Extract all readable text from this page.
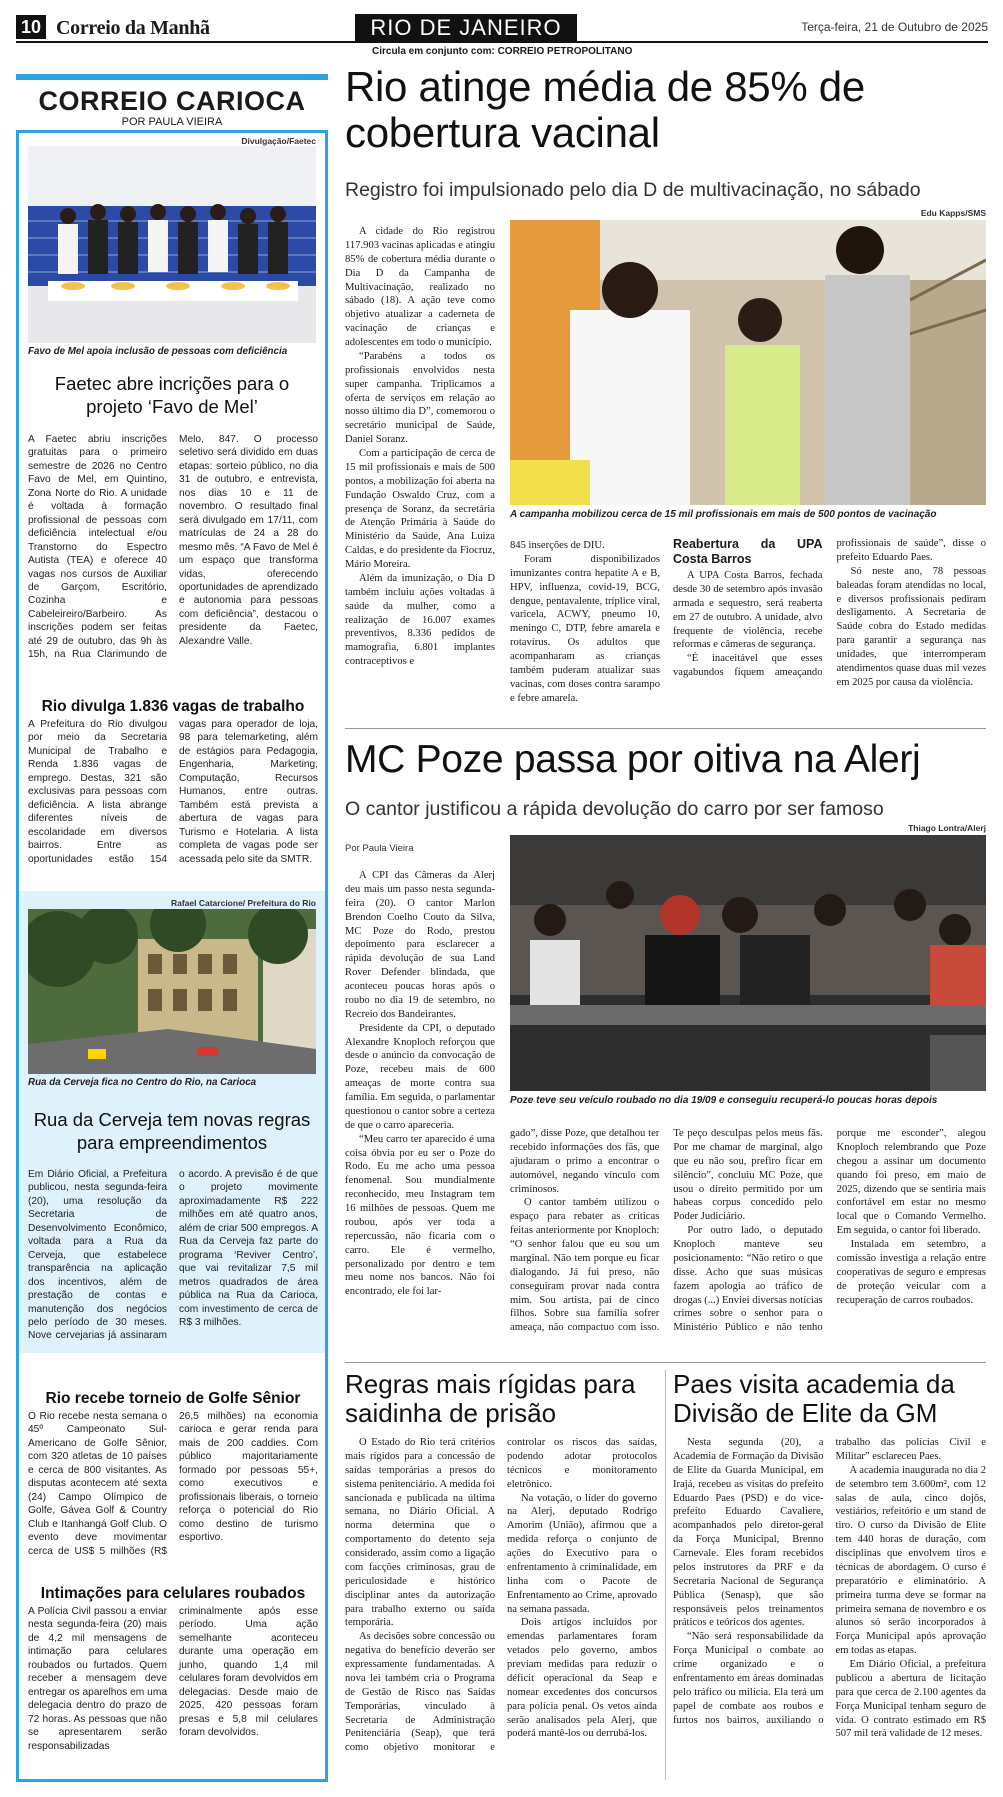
10 Correio da Manhã	RIO DE JANEIRO	Terça-feira, 21 de Outubro de 2025
Circula em conjunto com: CORREIO PETROPOLITANO
CORREIO CARIOCA
POR PAULA VIEIRA
Divulgação/Faetec
Favo de Mel apoia inclusão de pessoas com deficiência
Faetec abre incrições para o projeto ‘Favo de Mel’
A Faetec abriu inscrições gratuitas para o primeiro semestre de 2026 no Centro Favo de Mel, em Quintino, Zona Norte do Rio. A unidade é voltada à formação profissional de pessoas com deficiência intelectual e/ou Transtorno do Espectro Autista (TEA) e oferece 40 vagas nos cursos de Auxiliar de Garçom, Escritório, Cozinha e Cabeleireiro/Barbeiro. As inscrições podem ser feitas até 29 de outubro, das 9h às 15h, na Rua Clarimundo de Melo, 847. O processo seletivo será dividido em duas etapas: sorteio público, no dia 31 de outubro, e entrevista, nos dias 10 e 11 de novembro. O resultado final será divulgado em 17/11, com matrículas de 24 a 28 do mesmo mês. “A Favo de Mel é um espaço que transforma vidas, oferecendo oportunidades de aprendizado e autonomia para pessoas com deficiência”, destacou o presidente da Faetec, Alexandre Valle.
Rio divulga 1.836 vagas de trabalho
A Prefeitura do Rio divulgou por meio da Secretaria Municipal de Trabalho e Renda 1.836 vagas de emprego. Destas, 321 são exclusivas para pessoas com deficiência. A lista abrange diferentes níveis de escolaridade em diversos bairros. Entre as oportunidades estão 154 vagas para operador de loja, 98 para telemarketing, além de estágios para Pedagogia, Engenharia, Marketing, Computação, Recursos Humanos, entre outras. Também está prevista a abertura de vagas para Turismo e Hotelaria. A lista completa de vagas pode ser acessada pelo site da SMTR.
Rafael Catarcione/ Prefeitura do Rio
Rua da Cerveja fica no Centro do Rio, na Carioca
Rua da Cerveja tem novas regras para empreendimentos
Em Diário Oficial, a Prefeitura publicou, nesta segunda-feira (20), uma resolução da Secretaria de Desenvolvimento Econômico, voltada para a Rua da Cerveja, que estabelece transparência na aplicação dos incentivos, além de prestação de contas e manutenção dos negócios pelo período de 30 meses. Nove cervejarias já assinaram o acordo. A previsão é de que o projeto movimente aproximadamente R$ 222 milhões em até quatro anos, além de criar 500 empregos. A Rua da Cerveja faz parte do programa ‘Reviver Centro’, que vai revitalizar 7,5 mil metros quadrados de área pública na Rua da Carioca, com investimento de cerca de R$ 3 milhões.
Rio recebe torneio de Golfe Sênior
O Rio recebe nesta semana o 45º Campeonato Sul-Americano de Golfe Sênior, com 320 atletas de 10 países e cerca de 800 visitantes. As disputas acontecem até sexta (24) Campo Olímpico de Golfe, Gávea Golf & Country Club e Itanhangá Golf Club. O evento deve movimentar cerca de US$ 5 milhões (R$ 26,5 milhões) na economia carioca e gerar renda para mais de 200 caddies. Com público majoritariamente formado por pessoas 55+, como executivos e profissionais liberais, o torneio reforça o potencial do Rio como destino de turismo esportivo.
Intimações para celulares roubados
A Polícia Civil passou a enviar nesta segunda-feira (20) mais de 4,2 mil mensagens de intimação para celulares roubados ou furtados. Quem receber a mensagem deve entregar os aparelhos em uma delegacia dentro do prazo de 72 horas. As pessoas que não se apresentarem serão responsabilizadas criminalmente após esse período. Uma ação semelhante aconteceu durante uma operação em junho, quando 1,4 mil celulares foram devolvidos em delegacias. Desde maio de 2025, 420 pessoas foram presas e 5,8 mil celulares foram devolvidos.
Rio atinge média de 85% de cobertura vacinal
Registro foi impulsionado pelo dia D de multivacinação, no sábado

A cidade do Rio registrou 117.903 vacinas aplicadas e atingiu 85% de cobertura média durante o Dia D da Campanha de Multivacinação, realizado no sábado (18). A ação teve como objetivo atualizar a caderneta de vacinação de crianças e adolescentes em todo o município.

“Parabéns a todos os profissionais envolvidos nesta super campanha. Triplicamos a oferta de serviços em relação ao nosso último dia D”, comemorou o secretário municipal de Saúde, Daniel Soranz.

Com a participação de cerca de 15 mil profissionais e mais de 500 pontos, a mobilização foi aberta na Fundação Oswaldo Cruz, com a presença de Soranz, da secretária de Atenção Primária à Saúde do Ministério da Saúde, Ana Luiza Caldas, e do presidente da Fiocruz, Mário Moreira.

Além da imunização, o Dia D também incluiu ações voltadas à saúde da mulher, como a realização de 16.007 exames preventivos, 8.336 pedidos de mamografia, 6.801 implantes contraceptivos e

Edu Kapps/SMS
A campanha mobilizou cerca de 15 mil profissionais em mais de 500 pontos de vacinação

845 inserções de DIU.

Foram disponibilizados imunizantes contra hepatite A e B, HPV, influenza, covid-19, BCG, dengue, pentavalente, tríplice viral, varicela, ACWY, pneumo 10, meningo C, DTP, febre amarela e rotavírus. Os adultos que acompanharam as crianças também puderam atualizar suas vacinas, com doses contra sarampo e febre amarela.

Reabertura da UPA Costa Barros

A UPA Costa Barros, fechada desde 30 de setembro após invasão armada e sequestro, será reaberta em 27 de outubro. A unidade, alvo frequente de violência, recebe reformas e câmeras de segurança.

“É inaceitável que esses vagabundos fiquem ameaçando profissionais de saúde”, disse o prefeito Eduardo Paes.

Só neste ano, 78 pessoas baleadas foram atendidas no local, e diversos profissionais pediram desligamento. A Secretaria de Saúde cobra do Estado medidas para garantir a segurança nas unidades, que interromperam atendimentos quase duas mil vezes em 2025 por causa da violência.

MC Poze passa por oitiva na Alerj
O cantor justificou a rápida devolução do carro por ser famoso
Thiago Lontra/Alerj
Por Paula Vieira

A CPI das Câmeras da Alerj deu mais um passo nesta segunda-feira (20). O cantor Marlon Brendon Coelho Couto da Silva, MC Poze do Rodo, prestou depoimento para esclarecer a rápida devolução de sua Land Rover Defender blindada, que aconteceu poucas horas após o roubo no dia 19 de setembro, no Recreio dos Bandeirantes.

Presidente da CPI, o deputado Alexandre Knoploch reforçou que desde o anúncio da convocação de Poze, recebeu mais de 600 ameaças de morte contra sua família. Em seguida, o parlamentar questionou o cantor sobre a certeza de que o carro apareceria.

“Meu carro ter aparecido é uma coisa óbvia por eu ser o Poze do Rodo. Eu me acho uma pessoa fenomenal. Sou mundialmente reconhecido, meu Instagram tem 16 milhões de pessoas. Quem me roubou, após ver toda a repercussão, não ficaria com o carro. Ele é vermelho, personalizado por dentro e tem meu nome nos bancos. Não foi encontrado, ele foi lar-

Poze teve seu veículo roubado no dia 19/09 e conseguiu recuperá-lo poucas horas depois

gado”, disse Poze, que detalhou ter recebido informações dos fãs, que ajudaram o primo a encontrar o automóvel, negando vínculo com criminosos.

O cantor também utilizou o espaço para rebater as críticas feitas anteriormente por Knoploch: “O senhor falou que eu sou um marginal. Não tem porque eu ficar dialogando. Já fui preso, não conseguiram provar nada contra mim. Sou artista, pai de cinco filhos. Sobre sua família sofrer ameaça, não compactuo com isso. Te peço desculpas pelos meus fãs. Por me chamar de marginal, algo que eu não sou, prefiro ficar em silêncio”, concluiu MC Poze, que usou o direito permitido por um habeas corpus concedido pelo Poder Judiciário.

Por outro lado, o deputado Knoploch manteve seu posicionamento: “Não retiro o que disse. Acho que suas músicas fazem apologia ao tráfico de drogas (...) Enviei diversas notícias crimes sobre o senhor para o Ministério Público e não tenho porque me esconder”, alegou Knoploch relembrando que Poze chegou a assinar um documento quando foi preso, em maio de 2025, dizendo que se sentiria mais confortável em estar no mesmo local que o Comando Vermelho. Em seguida, o cantor foi liberado.

Instalada em setembro, a comissão investiga a relação entre cooperativas de seguro e empresas de proteção veicular com a recuperação de carros roubados.

Regras mais rígidas para saidinha de prisão

O Estado do Rio terá critérios mais rígidos para a concessão de saídas temporárias a presos do sistema penitenciário. A medida foi sancionada e publicada na última semana, no Diário Oficial. A norma determina que o comportamento do detento seja considerado, assim como a ligação com facções criminosas, grau de periculosidade e histórico disciplinar antes da autorização para trabalho externo ou saída temporária.

As decisões sobre concessão ou negativa do benefício deverão ser expressamente fundamentadas. A nova lei também cria o Programa de Gestão de Risco nas Saídas Temporárias, vinculado à Secretaria de Administração Penitenciária (Seap), que terá como objetivo monitorar e controlar os riscos das saídas, podendo adotar protocolos técnicos e monitoramento eletrônico.

Na votação, o líder do governo na Alerj, deputado Rodrigo Amorim (União), afirmou que a medida reforça o conjunto de ações do Executivo para o enfrentamento à criminalidade, em linha com o Pacote de Enfrentamento ao Crime, aprovado na semana passada.

Dois artigos incluídos por emendas parlamentares foram vetados pelo governo, ambos previam medidas para reduzir o déficit operacional da Seap e nomear excedentes dos concursos para polícia penal. Os vetos ainda serão analisados pela Alerj, que poderá mantê-los ou derrubá-los.

Paes visita academia da Divisão de Elite da GM

Nesta segunda (20), a Academia de Formação da Divisão de Elite da Guarda Municipal, em Irajá, recebeu as visitas do prefeito Eduardo Paes (PSD) e do vice-prefeito Eduardo Cavaliere, acompanhados pelo diretor-geral da Força Municipal, Brenno Carnevale. Eles foram recebidos pelos instrutores da PRF e da Secretaria Nacional de Segurança Pública (Senasp), que são responsáveis pelos treinamentos práticos e teóricos dos agentes.

“Não será responsabilidade da Força Municipal o combate ao crime organizado e o enfrentamento em áreas dominadas pelo tráfico ou milícia. Ela terá um papel de combate aos roubos e furtos nos bairros, auxiliando o trabalho das polícias Civil e Militar” esclareceu Paes.

A academia inaugurada no dia 2 de setembro tem 3.600m², com 12 salas de aula, cinco dojôs, vestiários, refeitório e um stand de tiro. O curso da Divisão de Elite tem 440 horas de duração, com disciplinas que envolvem tiros e técnicas de abordagem. O curso é preparatório e eliminatório. A primeira turma deve se formar na primeira semana de novembro e os alunos só serão incorporados à Força Municipal após aprovação em todas as etapas.

Em Diário Oficial, a prefeitura publicou a abertura de licitação para que cerca de 2.100 agentes da Força Municipal tenham seguro de vida. O contrato estimado em R$ 507 mil terá validade de 12 meses.
